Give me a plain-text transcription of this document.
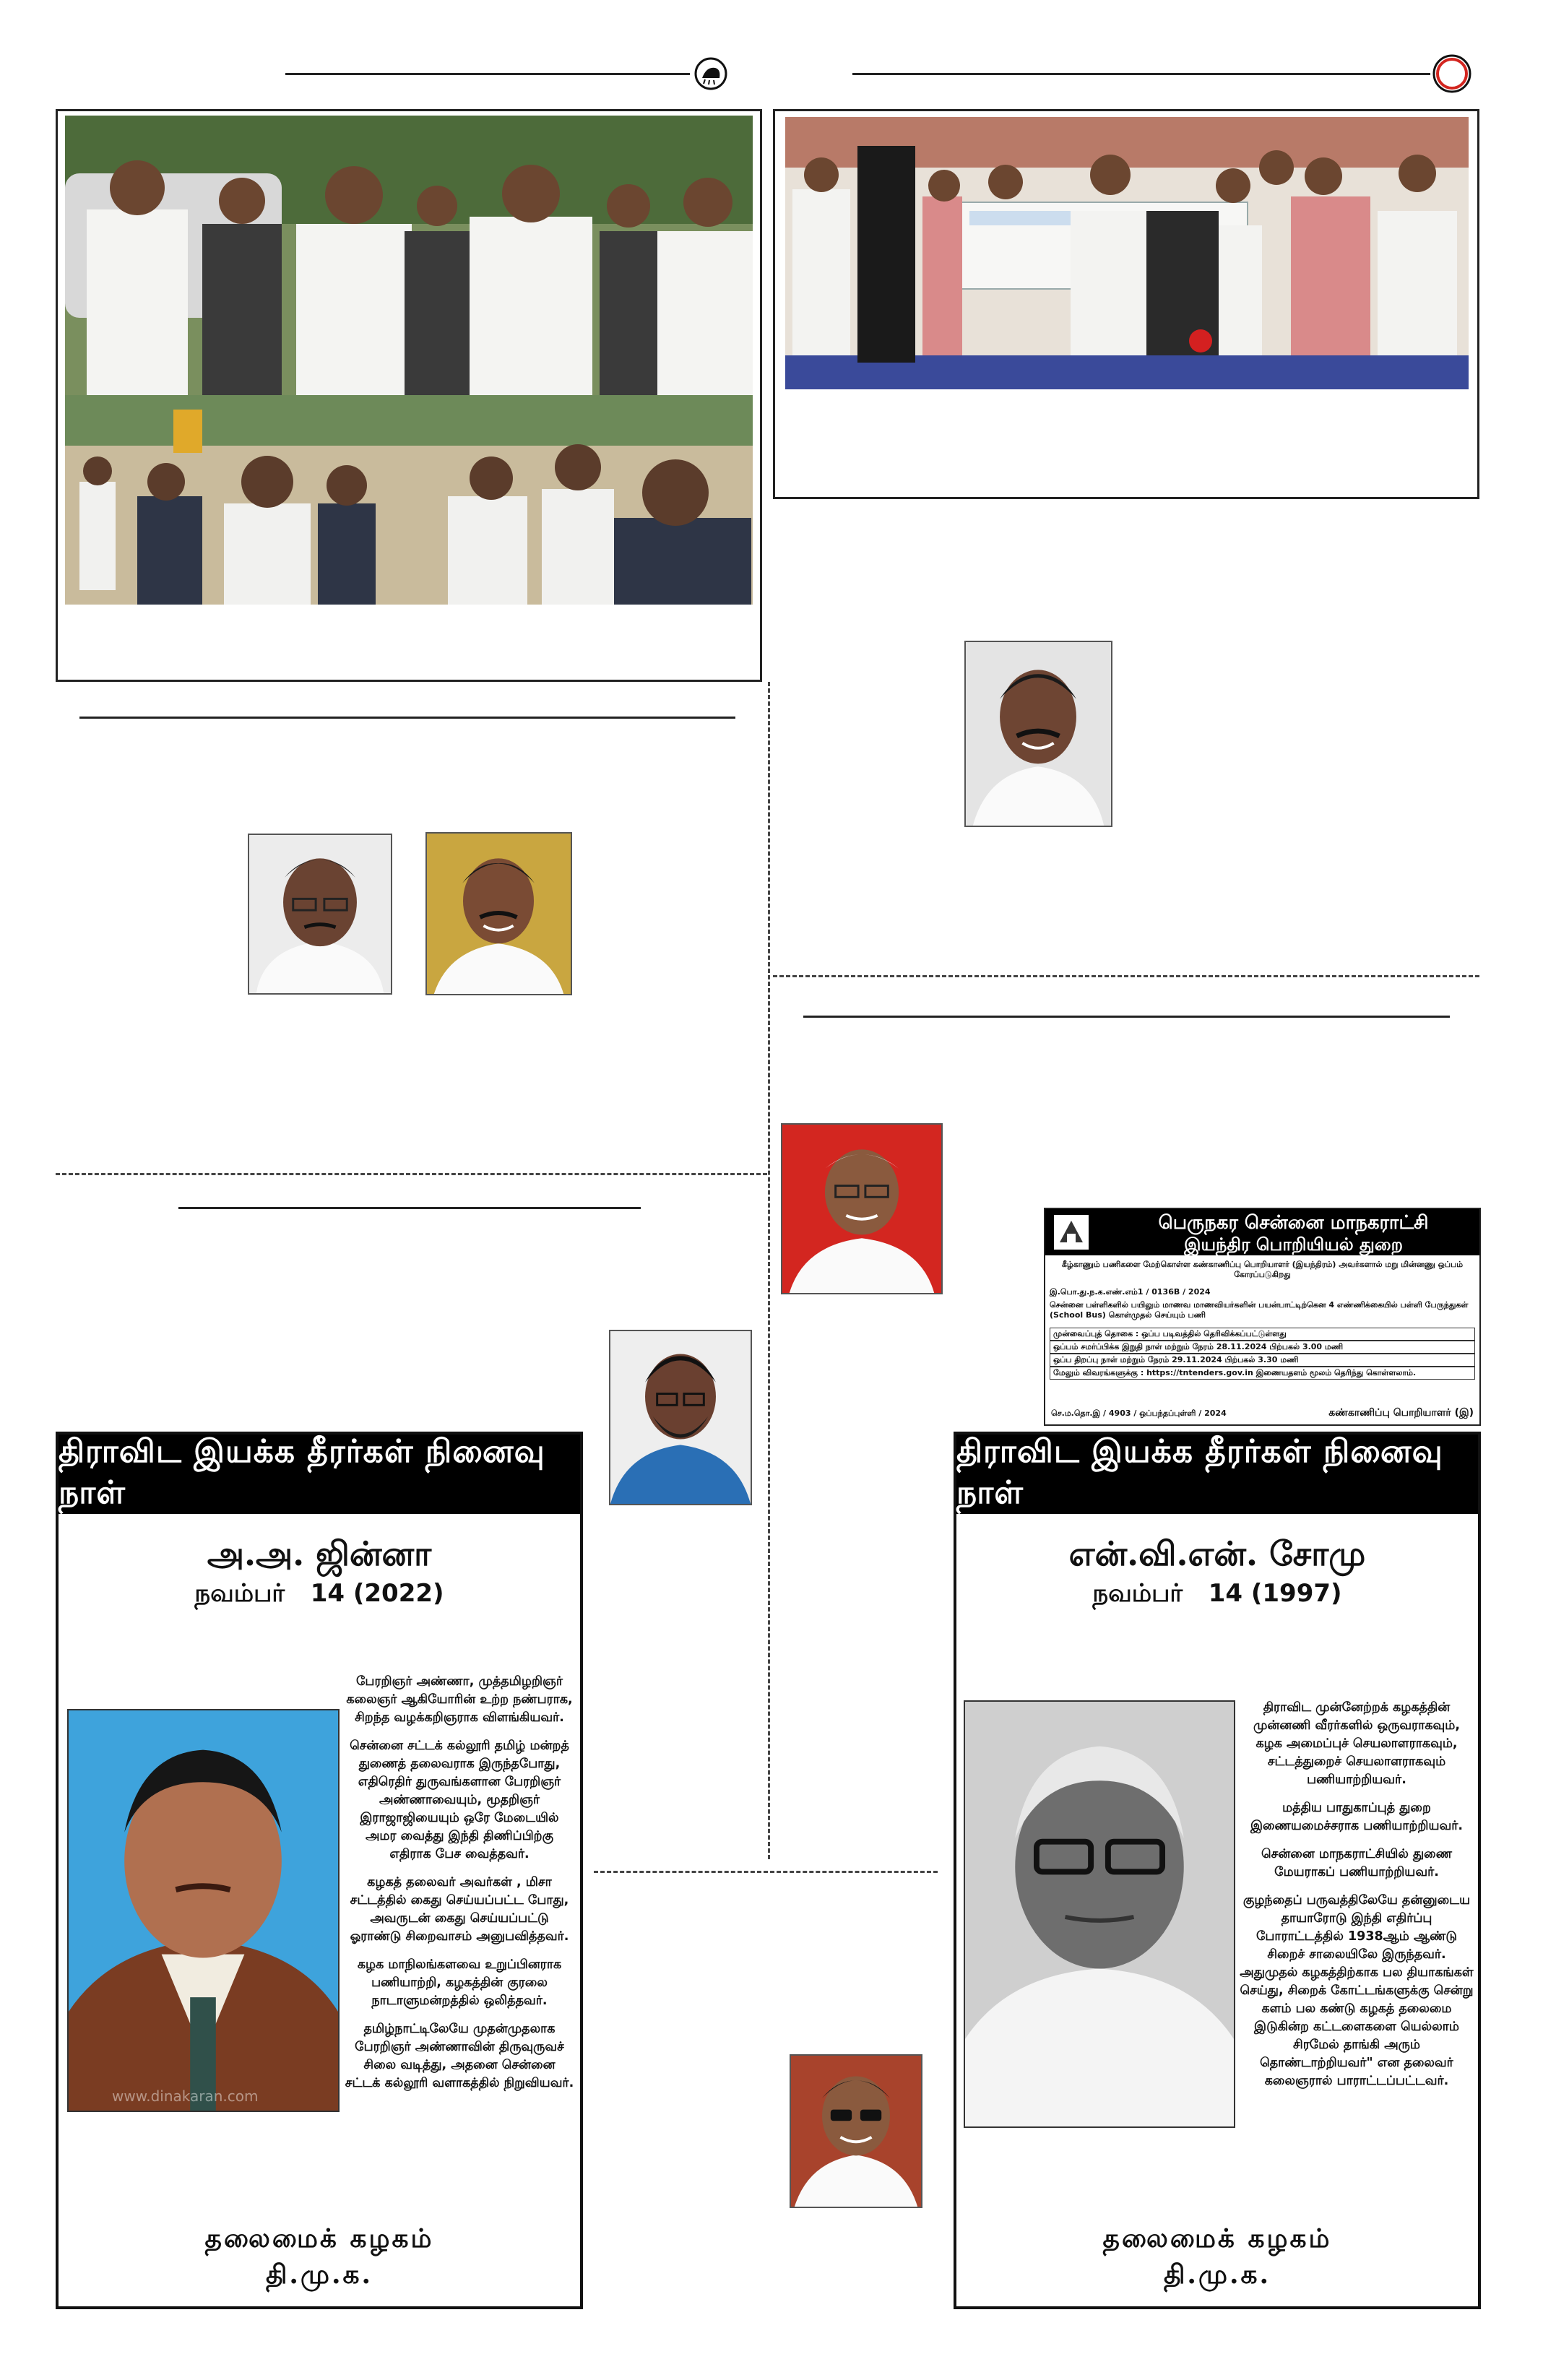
பெருநகர சென்னை மாநகராட்சி
இயந்திர பொறியியல் துறை
கீழ்காணும் பணிகளை மேற்கொள்ள கண்காணிப்பு பொறியாளர் (இயந்திரம்) அவர்களால் மறு மின்னணு ஒப்பம் கோரப்படுகிறது
இ.பொ.து.ந.க.எண்.எம்1 / 0136B / 2024
சென்னை பள்ளிகளில் பயிலும் மாணவ மாணவியர்களின் பயன்பாட்டிற்கென 4 எண்ணிக்கையில் பள்ளி பேருந்துகள் (School Bus) கொள்முதல் செய்யும் பணி
முன்வைப்புத் தொகை : ஒப்ப படிவத்தில் தெரிவிக்கப்பட்டுள்ளது
ஒப்பம் சமர்ப்பிக்க இறுதி நாள் மற்றும் நேரம் 28.11.2024 பிற்பகல் 3.00 மணி
ஒப்ப திறப்பு நாள் மற்றும் நேரம் 29.11.2024 பிற்பகல் 3.30 மணி
மேலும் விவரங்களுக்கு : https://tntenders.gov.in இணையதளம் மூலம் தெரிந்து கொள்ளலாம்.
செ.ம.தொ.இ / 4903 / ஒப்பந்தப்புள்ளி / 2024	கண்காணிப்பு பொறியாளர் (இ)
திராவிட இயக்க தீரர்கள் நினைவு நாள்
அ.அ. ஜின்னா
நவம்பர்   14 (2022)
www.dinakaran.com

பேரறிஞர் அண்ணா, முத்தமிழறிஞர் கலைஞர் ஆகியோரின் உற்ற நண்பராக, சிறந்த வழக்கறிஞராக விளங்கியவர்.

சென்னை சட்டக் கல்லூரி தமிழ் மன்றத் துணைத் தலைவராக இருந்தபோது, எதிரெதிர் துருவங்களான பேரறிஞர் அண்ணாவையும், மூதறிஞர் இராஜாஜியையும் ஒரே மேடையில் அமர வைத்து இந்தி திணிப்பிற்கு எதிராக பேச வைத்தவர்.

கழகத் தலைவர் அவர்கள் , மிசா சட்டத்தில் கைது செய்யப்பட்ட போது, அவருடன் கைது செய்யப்பட்டு ஓராண்டு சிறைவாசம் அனுபவித்தவர்.

கழக மாநிலங்களவை உறுப்பினராக பணியாற்றி, கழகத்தின் குரலை நாடாளுமன்றத்தில் ஒலித்தவர்.

தமிழ்நாட்டிலேயே முதன்முதலாக பேரறிஞர் அண்ணாவின் திருவுருவச் சிலை வடித்து, அதனை சென்னை சட்டக் கல்லூரி வளாகத்தில் நிறுவியவர்.

தலைமைக் கழகம்
தி.மு.க.
திராவிட இயக்க தீரர்கள் நினைவு நாள்
என்.வி.என். சோமு
நவம்பர்   14 (1997)

திராவிட முன்னேற்றக் கழகத்தின் முன்னணி வீரர்களில் ஒருவராகவும், கழக அமைப்புச் செயலாளராகவும், சட்டத்துறைச் செயலாளராகவும் பணியாற்றியவர்.

மத்திய பாதுகாப்புத் துறை இணையமைச்சராக பணியாற்றியவர்.

சென்னை மாநகராட்சியில் துணை மேயராகப் பணியாற்றியவர்.

குழந்தைப் பருவத்திலேயே தன்னுடைய தாயாரோடு இந்தி எதிர்ப்பு போராட்டத்தில் 1938ஆம் ஆண்டு சிறைச் சாலையிலே இருந்தவர். அதுமுதல் கழகத்திற்காக பல தியாகங்கள் செய்து, சிறைக் கோட்டங்களுக்கு சென்று களம் பல கண்டு கழகத் தலைமை இடுகின்ற கட்டளைகளை யெல்லாம் சிரமேல் தாங்கி அரும் தொண்டாற்றியவர்" என தலைவர் கலைஞரால் பாராட்டப்பட்டவர்.

தலைமைக் கழகம்
தி.மு.க.
